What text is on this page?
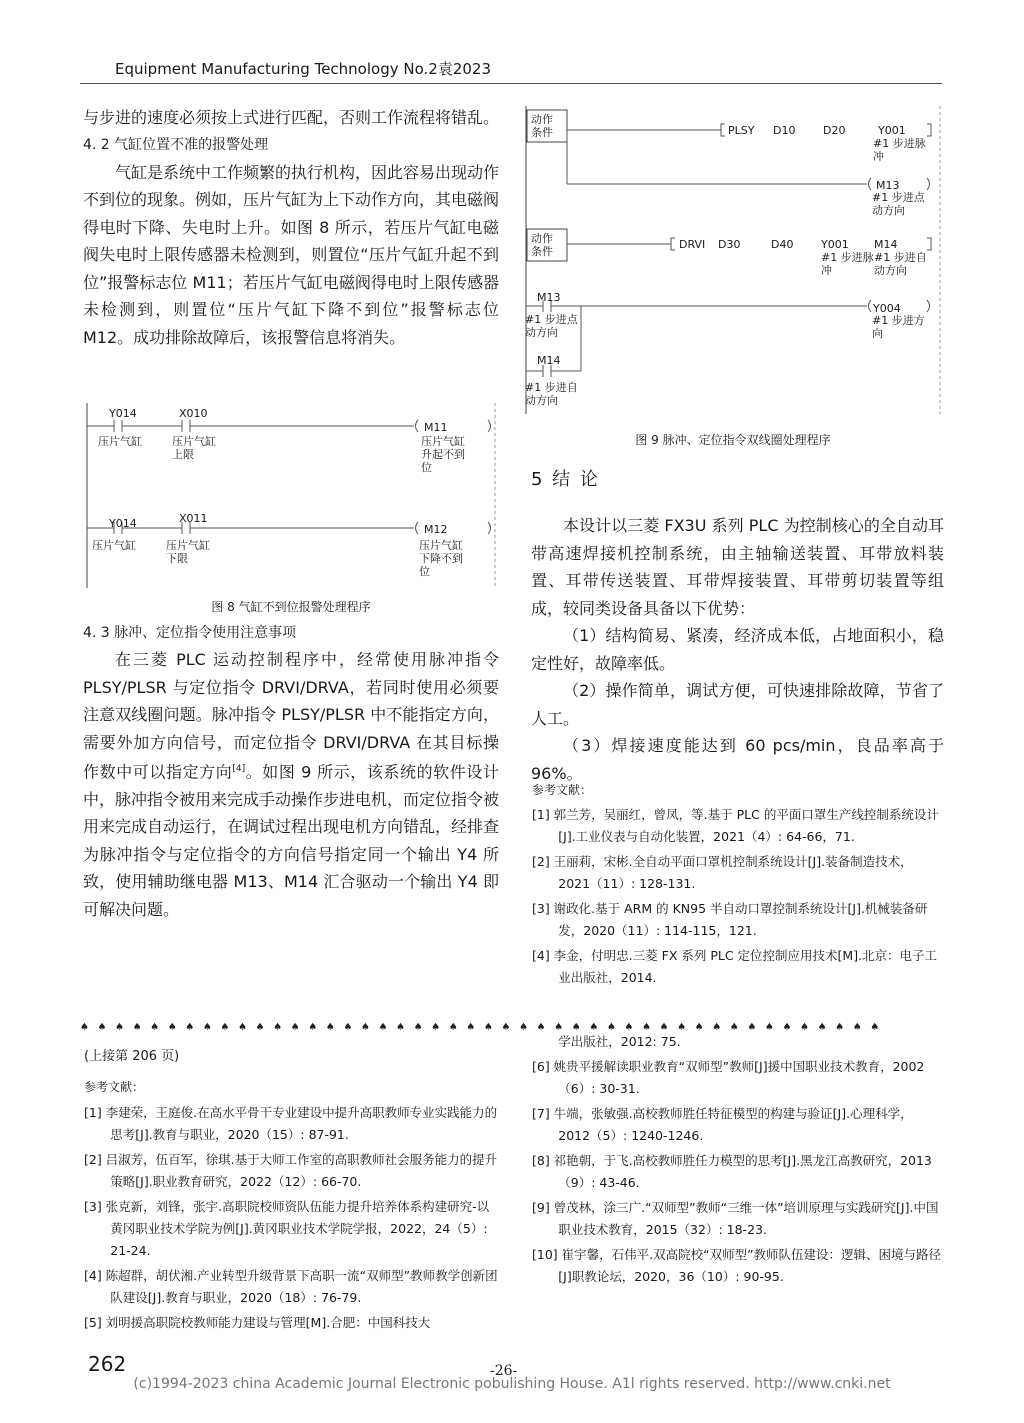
Equipment Manufacturing Technology No.2袁2023

与步进的速度必须按上式进行匹配，否则工作流程将错乱。

4. 2 气缸位置不准的报警处理

气缸是系统中工作频繁的执行机构，因此容易出现动作不到位的现象。例如，压片气缸为上下动作方向，其电磁阀得电时下降、失电时上升。如图 8 所示，若压片气缸电磁阀失电时上限传感器未检测到，则置位“压片气缸升起不到位”报警标志位 M11；若压片气缸电磁阀得电时上限传感器未检测到，则置位“压片气缸下降不到位”报警标志位 M12。成功排除故障后，该报警信息将消失。

Y014
压片气缸
X010
压片气缸
上限
M11
压片气缸
升起不到
位
Y014
压片气缸
X011
压片气缸
下限
M12
压片气缸
下降不到
位
图 8 气缸不到位报警处理程序

4. 3 脉冲、定位指令使用注意事项

在三菱 PLC 运动控制程序中，经常使用脉冲指令 PLSY/PLSR 与定位指令 DRVI/DRVA，若同时使用必须要注意双线圈问题。脉冲指令 PLSY/PLSR 中不能指定方向，需要外加方向信号，而定位指令 DRVI/DRVA 在其目标操作数中可以指定方向[4]。如图 9 所示，该系统的软件设计中，脉冲指令被用来完成手动操作步进电机，而定位指令被用来完成自动运行，在调试过程出现电机方向错乱，经排查为脉冲指令与定位指令的方向信号指定同一个输出 Y4 所致，使用辅助继电器 M13、M14 汇合驱动一个输出 Y4 即可解决问题。

动作
条件	PLSY D10	D20	Y001
#1 步进脉
冲
M13
#1 步进点
动方向
动作
条件
DRVI D30	D40	Y001
#1 步进脉
冲
M14
#1 步进自
动方向
M13
#1 步进点
动方向
Y004
#1 步进方
向
M14
#1 步进自
动方向
图 9 脉冲、定位指令双线圈处理程序
5 结 论

本设计以三菱 FX3U 系列 PLC 为控制核心的全自动耳带高速焊接机控制系统，由主轴输送装置、耳带放料装置、耳带传送装置、耳带焊接装置、耳带剪切装置等组成，较同类设备具备以下优势：

（1）结构简易、紧凑，经济成本低，占地面积小，稳定性好，故障率低。

（2）操作简单，调试方便，可快速排除故障，节省了人工。

（3）焊接速度能达到 60 pcs/min，良品率高于96%。

参考文献：
[1] 郭兰芳，吴丽红，曾凤，等.基于 PLC 的平面口罩生产线控制系统设计[J].工业仪表与自动化装置，2021（4）: 64-66，71.
[2] 王丽莉，宋彬.全自动平面口罩机控制系统设计[J].装备制造技术，2021（11）: 128-131.
[3] 谢政化.基于 ARM 的 KN95 半自动口罩控制系统设计[J].机械装备研发，2020（11）: 114-115，121.
[4] 李金，付明忠.三菱 FX 系列 PLC 定位控制应用技术[M].北京：电子工业出版社，2014.
♠♠♠♠♠♠♠♠♠♠♠♠♠♠♠♠♠♠♠♠♠♠♠♠♠♠♠♠♠♠♠♠♠♠♠♠♠♠♠♠♠♠♠♠♠♠
(上接第 206 页)
参考文献：
[1] 李建荣，王庭俊.在高水平骨干专业建设中提升高职教师专业实践能力的思考[J].教育与职业，2020（15）: 87-91.
[2] 吕淑芳，伍百军，徐琪.基于大师工作室的高职教师社会服务能力的提升策略[J].职业教育研究，2022（12）: 66-70.
[3] 张克新，刘锋，张宇.高职院校师资队伍能力提升培养体系构建研究-以黄冈职业技术学院为例[J].黄冈职业技术学院学报，2022，24（5）: 21-24.
[4] 陈超群，胡伏湘.产业转型升级背景下高职一流“双师型”教师教学创新团队建设[J].教育与职业，2020（18）: 76-79.
[5] 刘明援高职院校教师能力建设与管理[M].合肥：中国科技大
学出版社，2012: 75.
[6] 姚贵平援解读职业教育“双师型”教师[J]援中国职业技术教育，2002（6）: 30-31.
[7] 牛端，张敏强.高校教师胜任特征模型的构建与验证[J].心理科学，2012（5）: 1240-1246.
[8] 祁艳朝，于飞.高校教师胜任力模型的思考[J].黑龙江高教研究，2013（9）: 43-46.
[9] 曾茂林，涂三广.“双师型”教师“三维一体”培训原理与实践研究[J].中国职业技术教育，2015（32）: 18-23.
[10] 崔宇馨，石伟平.双高院校“双师型”教师队伍建设：逻辑、困境与路径[J]职教论坛，2020，36（10）: 90-95.
262	-26-
(c)1994-2023 china Academic Journal Electronic pobulishing House. A1l rights reserved. http://www.cnki.net
